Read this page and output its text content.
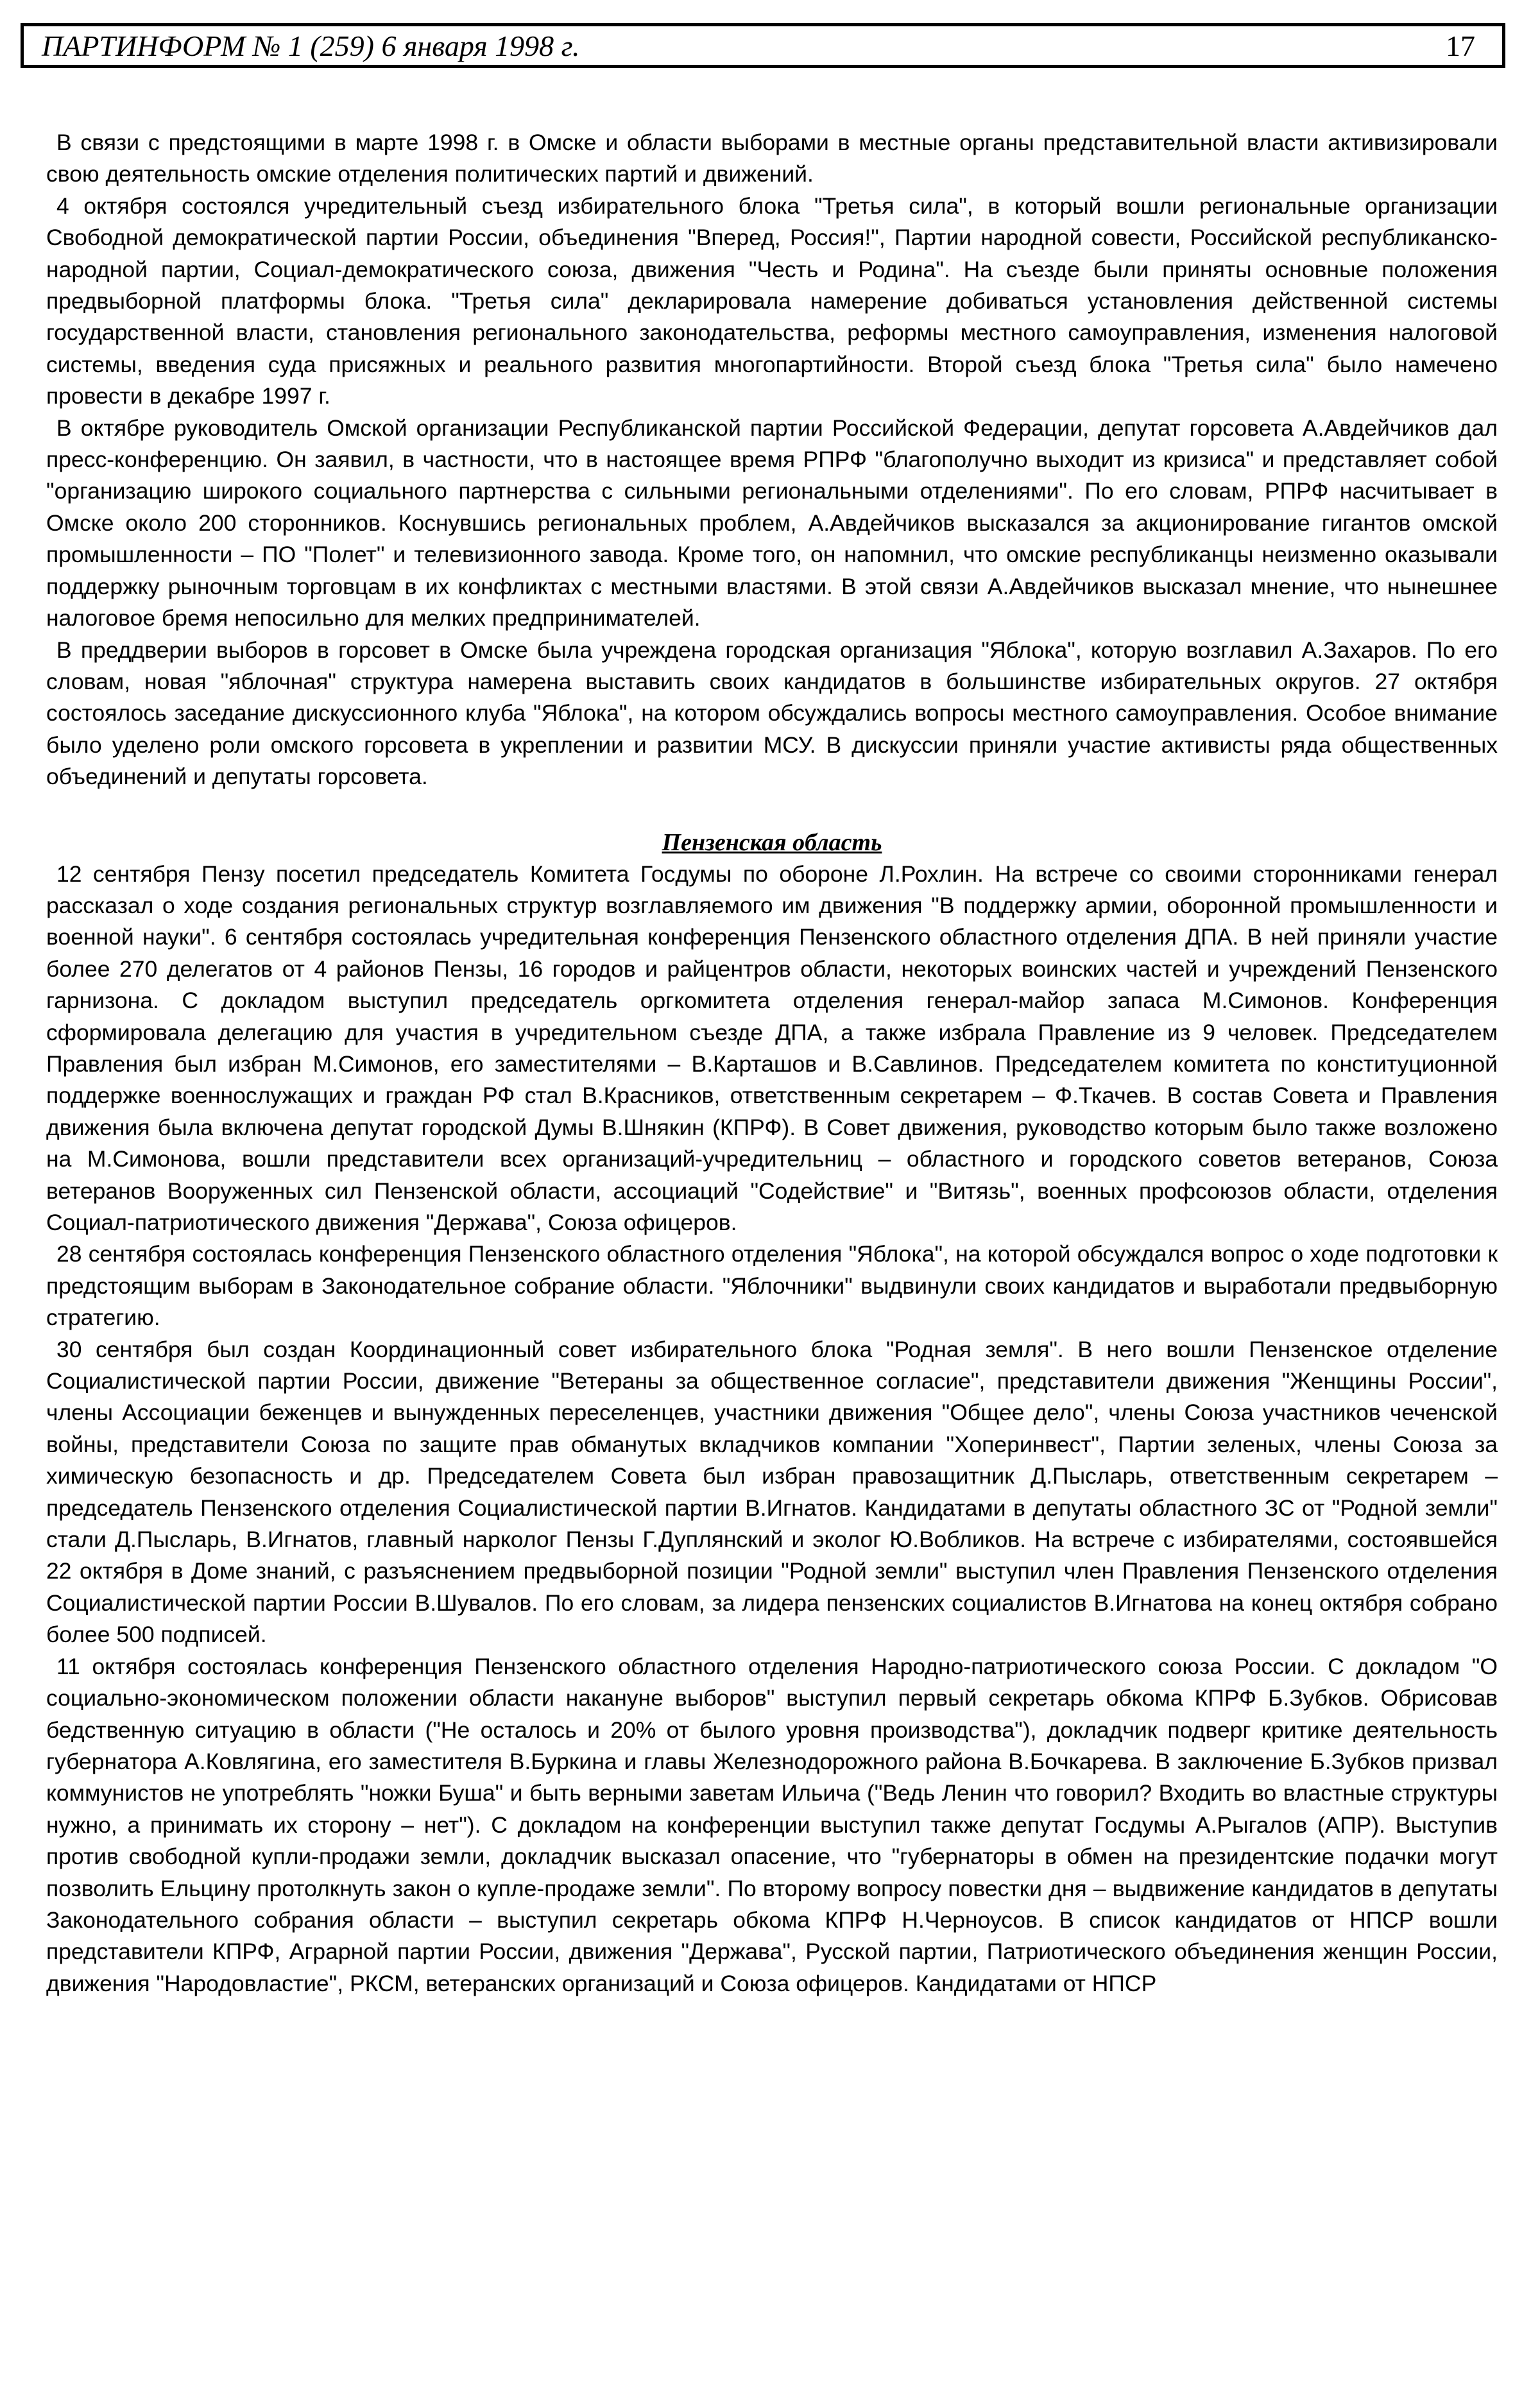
ПАРТИНФОРМ № 1 (259) 6 января 1998 г.	17

В связи с предстоящими в марте 1998 г. в Омске и области выборами в местные органы представительной власти активизировали свою деятельность омские отделения политических партий и движений.

4 октября состоялся учредительный съезд избирательного блока "Третья сила", в который вошли региональные организации Свободной демократической партии России, объединения "Вперед, Россия!", Партии народной совести, Российской республиканско-народной партии, Социал-демократического союза, движения "Честь и Родина". На съезде были приняты основные положения предвыборной платформы блока. "Третья сила" декларировала намерение добиваться установления действенной системы государственной власти, становления регионального законодательства, реформы местного самоуправления, изменения налоговой системы, введения суда присяжных и реального развития многопартийности. Второй съезд блока "Третья сила" было намечено провести в декабре 1997 г.

В октябре руководитель Омской организации Республиканской партии Российской Федерации, депутат горсовета А.Авдейчиков дал пресс-конференцию. Он заявил, в частности, что в настоящее время РПРФ "благополучно выходит из кризиса" и представляет собой "организацию широкого социального партнерства с сильными региональными отделениями". По его словам, РПРФ насчитывает в Омске около 200 сторонников. Коснувшись региональных проблем, А.Авдейчиков высказался за акционирование гигантов омской промышленности – ПО "Полет" и телевизионного завода. Кроме того, он напомнил, что омские республиканцы неизменно оказывали поддержку рыночным торговцам в их конфликтах с местными властями. В этой связи А.Авдейчиков высказал мнение, что нынешнее налоговое бремя непосильно для мелких предпринимателей.

В преддверии выборов в горсовет в Омске была учреждена городская организация "Яблока", которую возглавил А.Захаров. По его словам, новая "яблочная" структура намерена выставить своих кандидатов в большинстве избирательных округов. 27 октября состоялось заседание дискуссионного клуба "Яблока", на котором обсуждались вопросы местного самоуправления. Особое внимание было уделено роли омского горсовета в укреплении и развитии МСУ. В дискуссии приняли участие активисты ряда общественных объединений и депутаты горсовета.

Пензенская область

12 сентября Пензу посетил председатель Комитета Госдумы по обороне Л.Рохлин. На встрече со своими сторонниками генерал рассказал о ходе создания региональных структур возглавляемого им движения "В поддержку армии, оборонной промышленности и военной науки". 6 сентября состоялась учредительная конференция Пензенского областного отделения ДПА. В ней приняли участие более 270 делегатов от 4 районов Пензы, 16 городов и райцентров области, некоторых воинских частей и учреждений Пензенского гарнизона. С докладом выступил председатель оргкомитета отделения генерал-майор запаса М.Симонов. Конференция сформировала делегацию для участия в учредительном съезде ДПА, а также избрала Правление из 9 человек. Председателем Правления был избран М.Симонов, его заместителями – В.Карташов и В.Савлинов. Председателем комитета по конституционной поддержке военнослужащих и граждан РФ стал В.Красников, ответственным секретарем – Ф.Ткачев. В состав Совета и Правления движения была включена депутат городской Думы В.Шнякин (КПРФ). В Совет движения, руководство которым было также возложено на М.Симонова, вошли представители всех организаций-учредительниц – областного и городского советов ветеранов, Союза ветеранов Вооруженных сил Пензенской области, ассоциаций "Содействие" и "Витязь", военных профсоюзов области, отделения Социал-патриотического движения "Держава", Союза офицеров.

28 сентября состоялась конференция Пензенского областного отделения "Яблока", на которой обсуждался вопрос о ходе подготовки к предстоящим выборам в Законодательное собрание области. "Яблочники" выдвинули своих кандидатов и выработали предвыборную стратегию.

30 сентября был создан Координационный совет избирательного блока "Родная земля". В него вошли Пензенское отделение Социалистической партии России, движение "Ветераны за общественное согласие", представители движения "Женщины России", члены Ассоциации беженцев и вынужденных переселенцев, участники движения "Общее дело", члены Союза участников чеченской войны, представители Союза по защите прав обманутых вкладчиков компании "Хоперинвест", Партии зеленых, члены Союза за химическую безопасность и др. Председателем Совета был избран правозащитник Д.Пысларь, ответственным секретарем – председатель Пензенского отделения Социалистической партии В.Игнатов. Кандидатами в депутаты областного ЗС от "Родной земли" стали Д.Пысларь, В.Игнатов, главный нарколог Пензы Г.Дуплянский и эколог Ю.Вобликов. На встрече с избирателями, состоявшейся 22 октября в Доме знаний, с разъяснением предвыборной позиции "Родной земли" выступил член Правления Пензенского отделения Социалистической партии России В.Шувалов. По его словам, за лидера пензенских социалистов В.Игнатова на конец октября собрано более 500 подписей.

11 октября состоялась конференция Пензенского областного отделения Народно-патриотического союза России. С докладом "О социально-экономическом положении области накануне выборов" выступил первый секретарь обкома КПРФ Б.Зубков. Обрисовав бедственную ситуацию в области ("Не осталось и 20% от былого уровня производства"), докладчик подверг критике деятельность губернатора А.Ковлягина, его заместителя В.Буркина и главы Железнодорожного района В.Бочкарева. В заключение Б.Зубков призвал коммунистов не употреблять "ножки Буша" и быть верными заветам Ильича ("Ведь Ленин что говорил? Входить во властные структуры нужно, а принимать их сторону – нет"). С докладом на конференции выступил также депутат Госдумы А.Рыгалов (АПР). Выступив против свободной купли-продажи земли, докладчик высказал опасение, что "губернаторы в обмен на президентские подачки могут позволить Ельцину протолкнуть закон о купле-продаже земли". По второму вопросу повестки дня – выдвижение кандидатов в депутаты Законодательного собрания области – выступил секретарь обкома КПРФ Н.Черноусов. В список кандидатов от НПСР вошли представители КПРФ, Аграрной партии России, движения "Держава", Русской партии, Патриотического объединения женщин России, движения "Народовластие", РКСМ, ветеранских организаций и Союза офицеров. Кандидатами от НПСР
